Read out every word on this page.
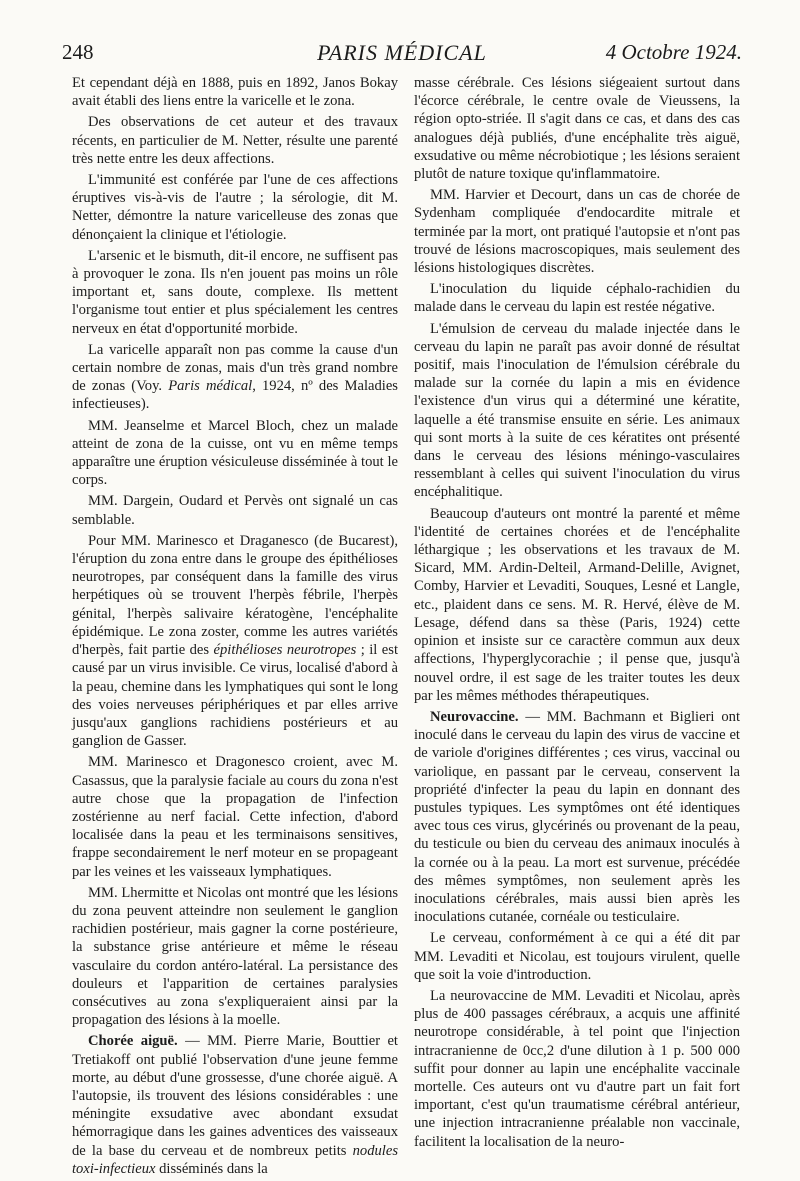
248	PARIS MÉDICAL	4 Octobre 1924.

Et cependant déjà en 1888, puis en 1892, Janos Bokay avait établi des liens entre la varicelle et le zona.

Des observations de cet auteur et des travaux récents, en particulier de M. Netter, résulte une parenté très nette entre les deux affections.

L'immunité est conférée par l'une de ces affections éruptives vis-à-vis de l'autre ; la sérologie, dit M. Netter, démontre la nature varicelleuse des zonas que dénonçaient la clinique et l'étiologie.

L'arsenic et le bismuth, dit-il encore, ne suffisent pas à provoquer le zona. Ils n'en jouent pas moins un rôle important et, sans doute, complexe. Ils mettent l'organisme tout entier et plus spécialement les centres nerveux en état d'opportunité morbide.

La varicelle apparaît non pas comme la cause d'un certain nombre de zonas, mais d'un très grand nombre de zonas (Voy. Paris médical, 1924, nº des Maladies infectieuses).

MM. Jeanselme et Marcel Bloch, chez un malade atteint de zona de la cuisse, ont vu en même temps apparaître une éruption vésiculeuse disséminée à tout le corps.

MM. Dargein, Oudard et Pervès ont signalé un cas semblable.

Pour MM. Marinesco et Draganesco (de Bucarest), l'éruption du zona entre dans le groupe des épithélioses neurotropes, par conséquent dans la famille des virus herpétiques où se trouvent l'herpès fébrile, l'herpès génital, l'herpès salivaire kératogène, l'encéphalite épidémique. Le zona zoster, comme les autres variétés d'herpès, fait partie des épithélioses neurotropes ; il est causé par un virus invisible. Ce virus, localisé d'abord à la peau, chemine dans les lymphatiques qui sont le long des voies nerveuses périphériques et par elles arrive jusqu'aux ganglions rachidiens postérieurs et au ganglion de Gasser.

MM. Marinesco et Dragonesco croient, avec M. Casassus, que la paralysie faciale au cours du zona n'est autre chose que la propagation de l'infection zostérienne au nerf facial. Cette infection, d'abord localisée dans la peau et les terminaisons sensitives, frappe secondairement le nerf moteur en se propageant par les veines et les vaisseaux lymphatiques.

MM. Lhermitte et Nicolas ont montré que les lésions du zona peuvent atteindre non seulement le ganglion rachidien postérieur, mais gagner la corne postérieure, la substance grise antérieure et même le réseau vasculaire du cordon antéro-latéral. La persistance des douleurs et l'apparition de certaines paralysies consécutives au zona s'expliqueraient ainsi par la propagation des lésions à la moelle.

Chorée aiguë. — MM. Pierre Marie, Bouttier et Tretiakoff ont publié l'observation d'une jeune femme morte, au début d'une grossesse, d'une chorée aiguë. A l'autopsie, ils trouvent des lésions considérables : une méningite exsudative avec abondant exsudat hémorragique dans les gaines adventices des vaisseaux de la base du cerveau et de nombreux petits nodules toxi-infectieux disséminés dans la

masse cérébrale. Ces lésions siégeaient surtout dans l'écorce cérébrale, le centre ovale de Vieussens, la région opto-striée. Il s'agit dans ce cas, et dans des cas analogues déjà publiés, d'une encéphalite très aiguë, exsudative ou même nécrobiotique ; les lésions seraient plutôt de nature toxique qu'inflammatoire.

MM. Harvier et Decourt, dans un cas de chorée de Sydenham compliquée d'endocardite mitrale et terminée par la mort, ont pratiqué l'autopsie et n'ont pas trouvé de lésions macroscopiques, mais seulement des lésions histologiques discrètes.

L'inoculation du liquide céphalo-rachidien du malade dans le cerveau du lapin est restée négative.

L'émulsion de cerveau du malade injectée dans le cerveau du lapin ne paraît pas avoir donné de résultat positif, mais l'inoculation de l'émulsion cérébrale du malade sur la cornée du lapin a mis en évidence l'existence d'un virus qui a déterminé une kératite, laquelle a été transmise ensuite en série. Les animaux qui sont morts à la suite de ces kératites ont présenté dans le cerveau des lésions méningo-vasculaires ressemblant à celles qui suivent l'inoculation du virus encéphalitique.

Beaucoup d'auteurs ont montré la parenté et même l'identité de certaines chorées et de l'encéphalite léthargique ; les observations et les travaux de M. Sicard, MM. Ardin-Delteil, Armand-Delille, Avignet, Comby, Harvier et Levaditi, Souques, Lesné et Langle, etc., plaident dans ce sens. M. R. Hervé, élève de M. Lesage, défend dans sa thèse (Paris, 1924) cette opinion et insiste sur ce caractère commun aux deux affections, l'hyperglycorachie ; il pense que, jusqu'à nouvel ordre, il est sage de les traiter toutes les deux par les mêmes méthodes thérapeutiques.

Neurovaccine. — MM. Bachmann et Biglieri ont inoculé dans le cerveau du lapin des virus de vaccine et de variole d'origines différentes ; ces virus, vaccinal ou variolique, en passant par le cerveau, conservent la propriété d'infecter la peau du lapin en donnant des pustules typiques. Les symptômes ont été identiques avec tous ces virus, glycérinés ou provenant de la peau, du testicule ou bien du cerveau des animaux inoculés à la cornée ou à la peau. La mort est survenue, précédée des mêmes symptômes, non seulement après les inoculations cérébrales, mais aussi bien après les inoculations cutanée, cornéale ou testiculaire.

Le cerveau, conformément à ce qui a été dit par MM. Levaditi et Nicolau, est toujours virulent, quelle que soit la voie d'introduction.

La neurovaccine de MM. Levaditi et Nicolau, après plus de 400 passages cérébraux, a acquis une affinité neurotrope considérable, à tel point que l'injection intracranienne de 0cc,2 d'une dilution à 1 p. 500 000 suffit pour donner au lapin une encéphalite vaccinale mortelle. Ces auteurs ont vu d'autre part un fait fort important, c'est qu'un traumatisme cérébral antérieur, une injection intracranienne préalable non vaccinale, facilitent la localisation de la neuro-
